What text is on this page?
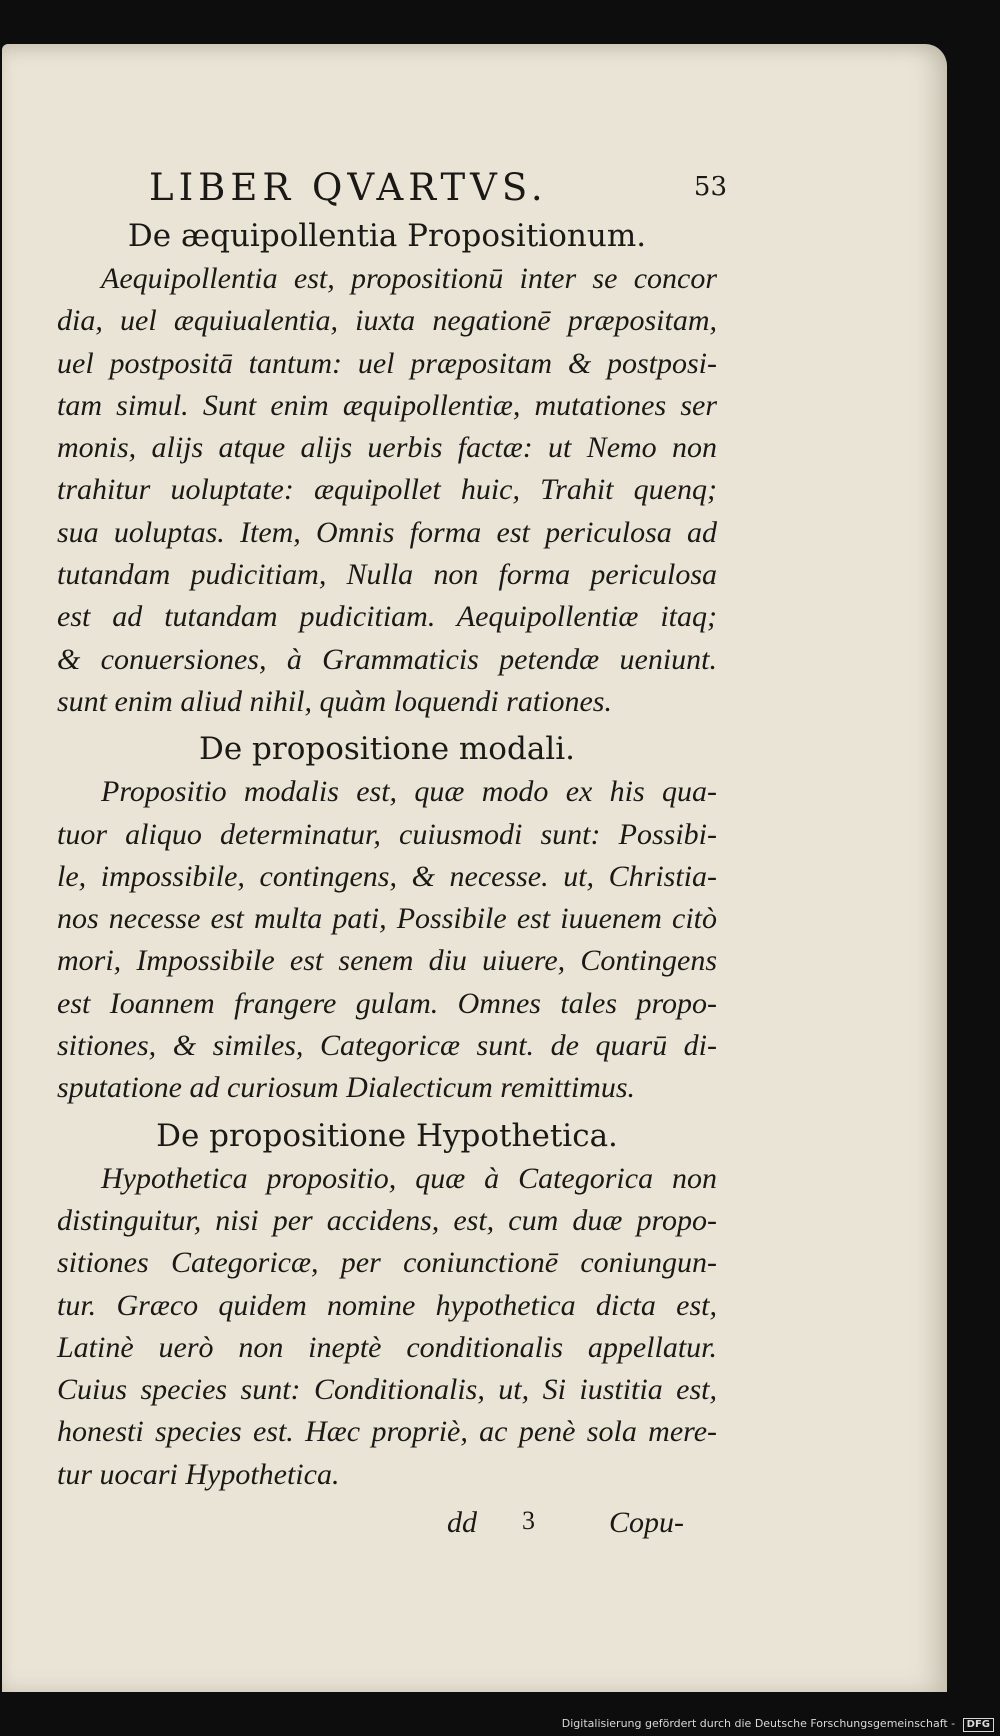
LIBER QVARTVS.	53
De æquipollentia Propositionum.
Aequipollentia est, propositionū inter se concor
dia, uel æquiualentia, iuxta negationē præpositam,
uel postpositā tantum: uel præpositam & postposi-
tam simul. Sunt enim æquipollentiæ, mutationes ser
monis, alijs atque alijs uerbis factæ: ut Nemo non
trahitur uoluptate: æquipollet huic, Trahit quenq;
sua uoluptas. Item, Omnis forma est periculosa ad
tutandam pudicitiam, Nulla non forma periculosa
est ad tutandam pudicitiam. Aequipollentiæ itaq;
& conuersiones, à Grammaticis petendæ ueniunt.
sunt enim aliud nihil, quàm loquendi rationes.
De propositione modali.
Propositio modalis est, quæ modo ex his qua-
tuor aliquo determinatur, cuiusmodi sunt: Possibi-
le, impossibile, contingens, & necesse. ut, Christia-
nos necesse est multa pati, Possibile est iuuenem citò
mori, Impossibile est senem diu uiuere, Contingens
est Ioannem frangere gulam. Omnes tales propo-
sitiones, & similes, Categoricæ sunt. de quarū di-
sputatione ad curiosum Dialecticum remittimus.
De propositione Hypothetica.
Hypothetica propositio, quæ à Categorica non
distinguitur, nisi per accidens, est, cum duæ propo-
sitiones Categoricæ, per coniunctionē coniungun-
tur. Græco quidem nomine hypothetica dicta est,
Latinè uerò non ineptè conditionalis appellatur.
Cuius species sunt: Conditionalis, ut, Si iustitia est,
honesti species est. Hæc propriè, ac penè sola mere-
tur uocari Hypothetica.
dd 3 Copu-
Digitalisierung gefördert durch die Deutsche Forschungsgemeinschaft - DFG
